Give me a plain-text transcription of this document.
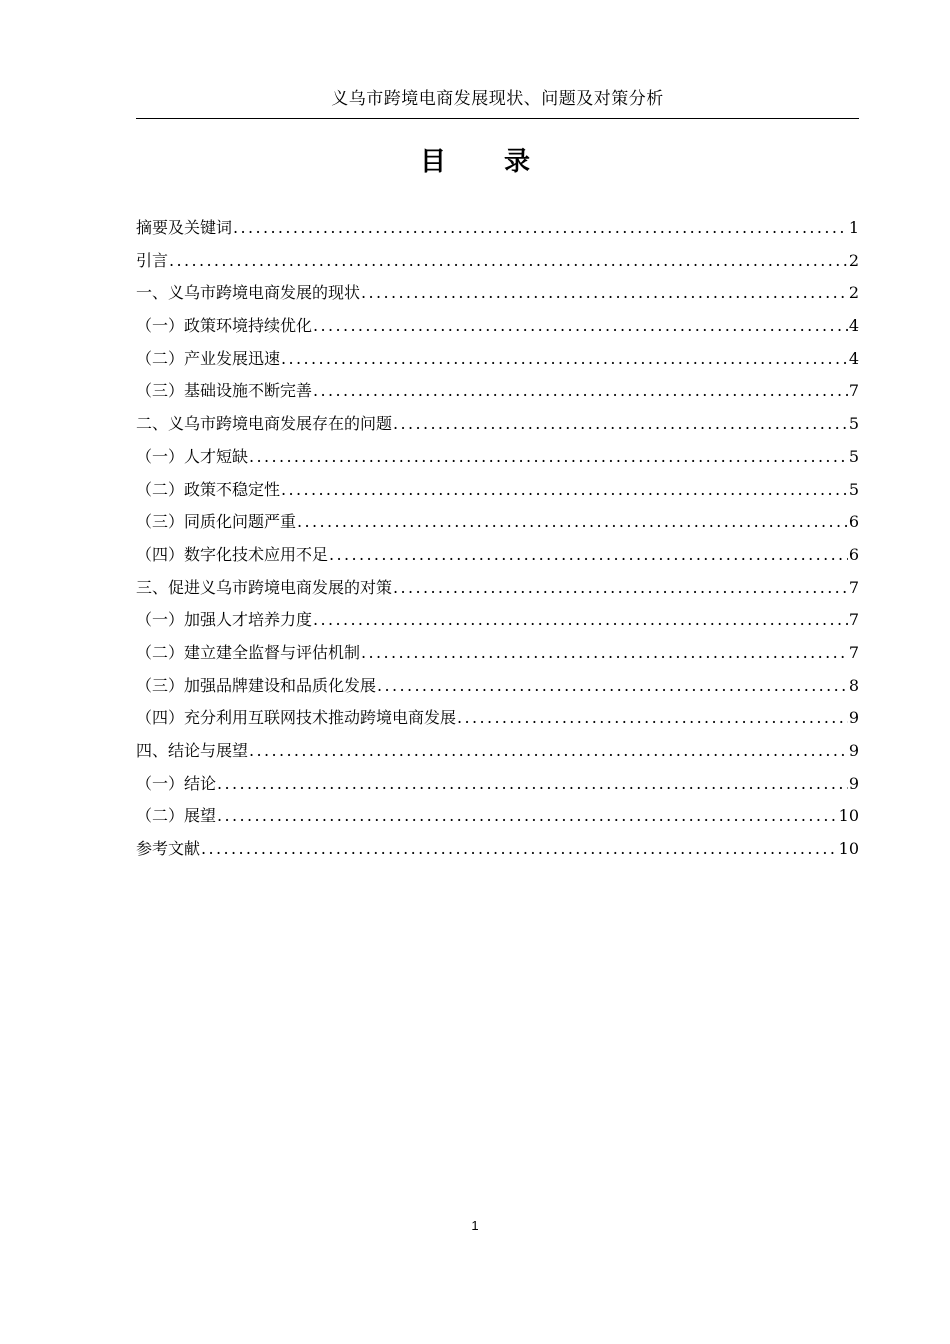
义乌市跨境电商发展现状、问题及对策分析
目 录
摘要及关键词 .....	1
引言 .....	2
一、义乌市跨境电商发展的现状 .....	2
（一）政策环境持续优化 .....	4
（二）产业发展迅速 .....	4
（三）基础设施不断完善 .....	7
二、义乌市跨境电商发展存在的问题 .....	5
（一）人才短缺 .....	5
（二）政策不稳定性 .....	5
（三）同质化问题严重 .....	6
（四）数字化技术应用不足 .....	6
三、促进义乌市跨境电商发展的对策 .....	7
（一）加强人才培养力度 .....	7
（二）建立建全监督与评估机制 .....	7
（三）加强品牌建设和品质化发展 .....	8
（四）充分利用互联网技术推动跨境电商发展 .....	9
四、结论与展望 .....	9
（一）结论 .....	9
（二）展望 .....	10
参考文献 .....	10
1
